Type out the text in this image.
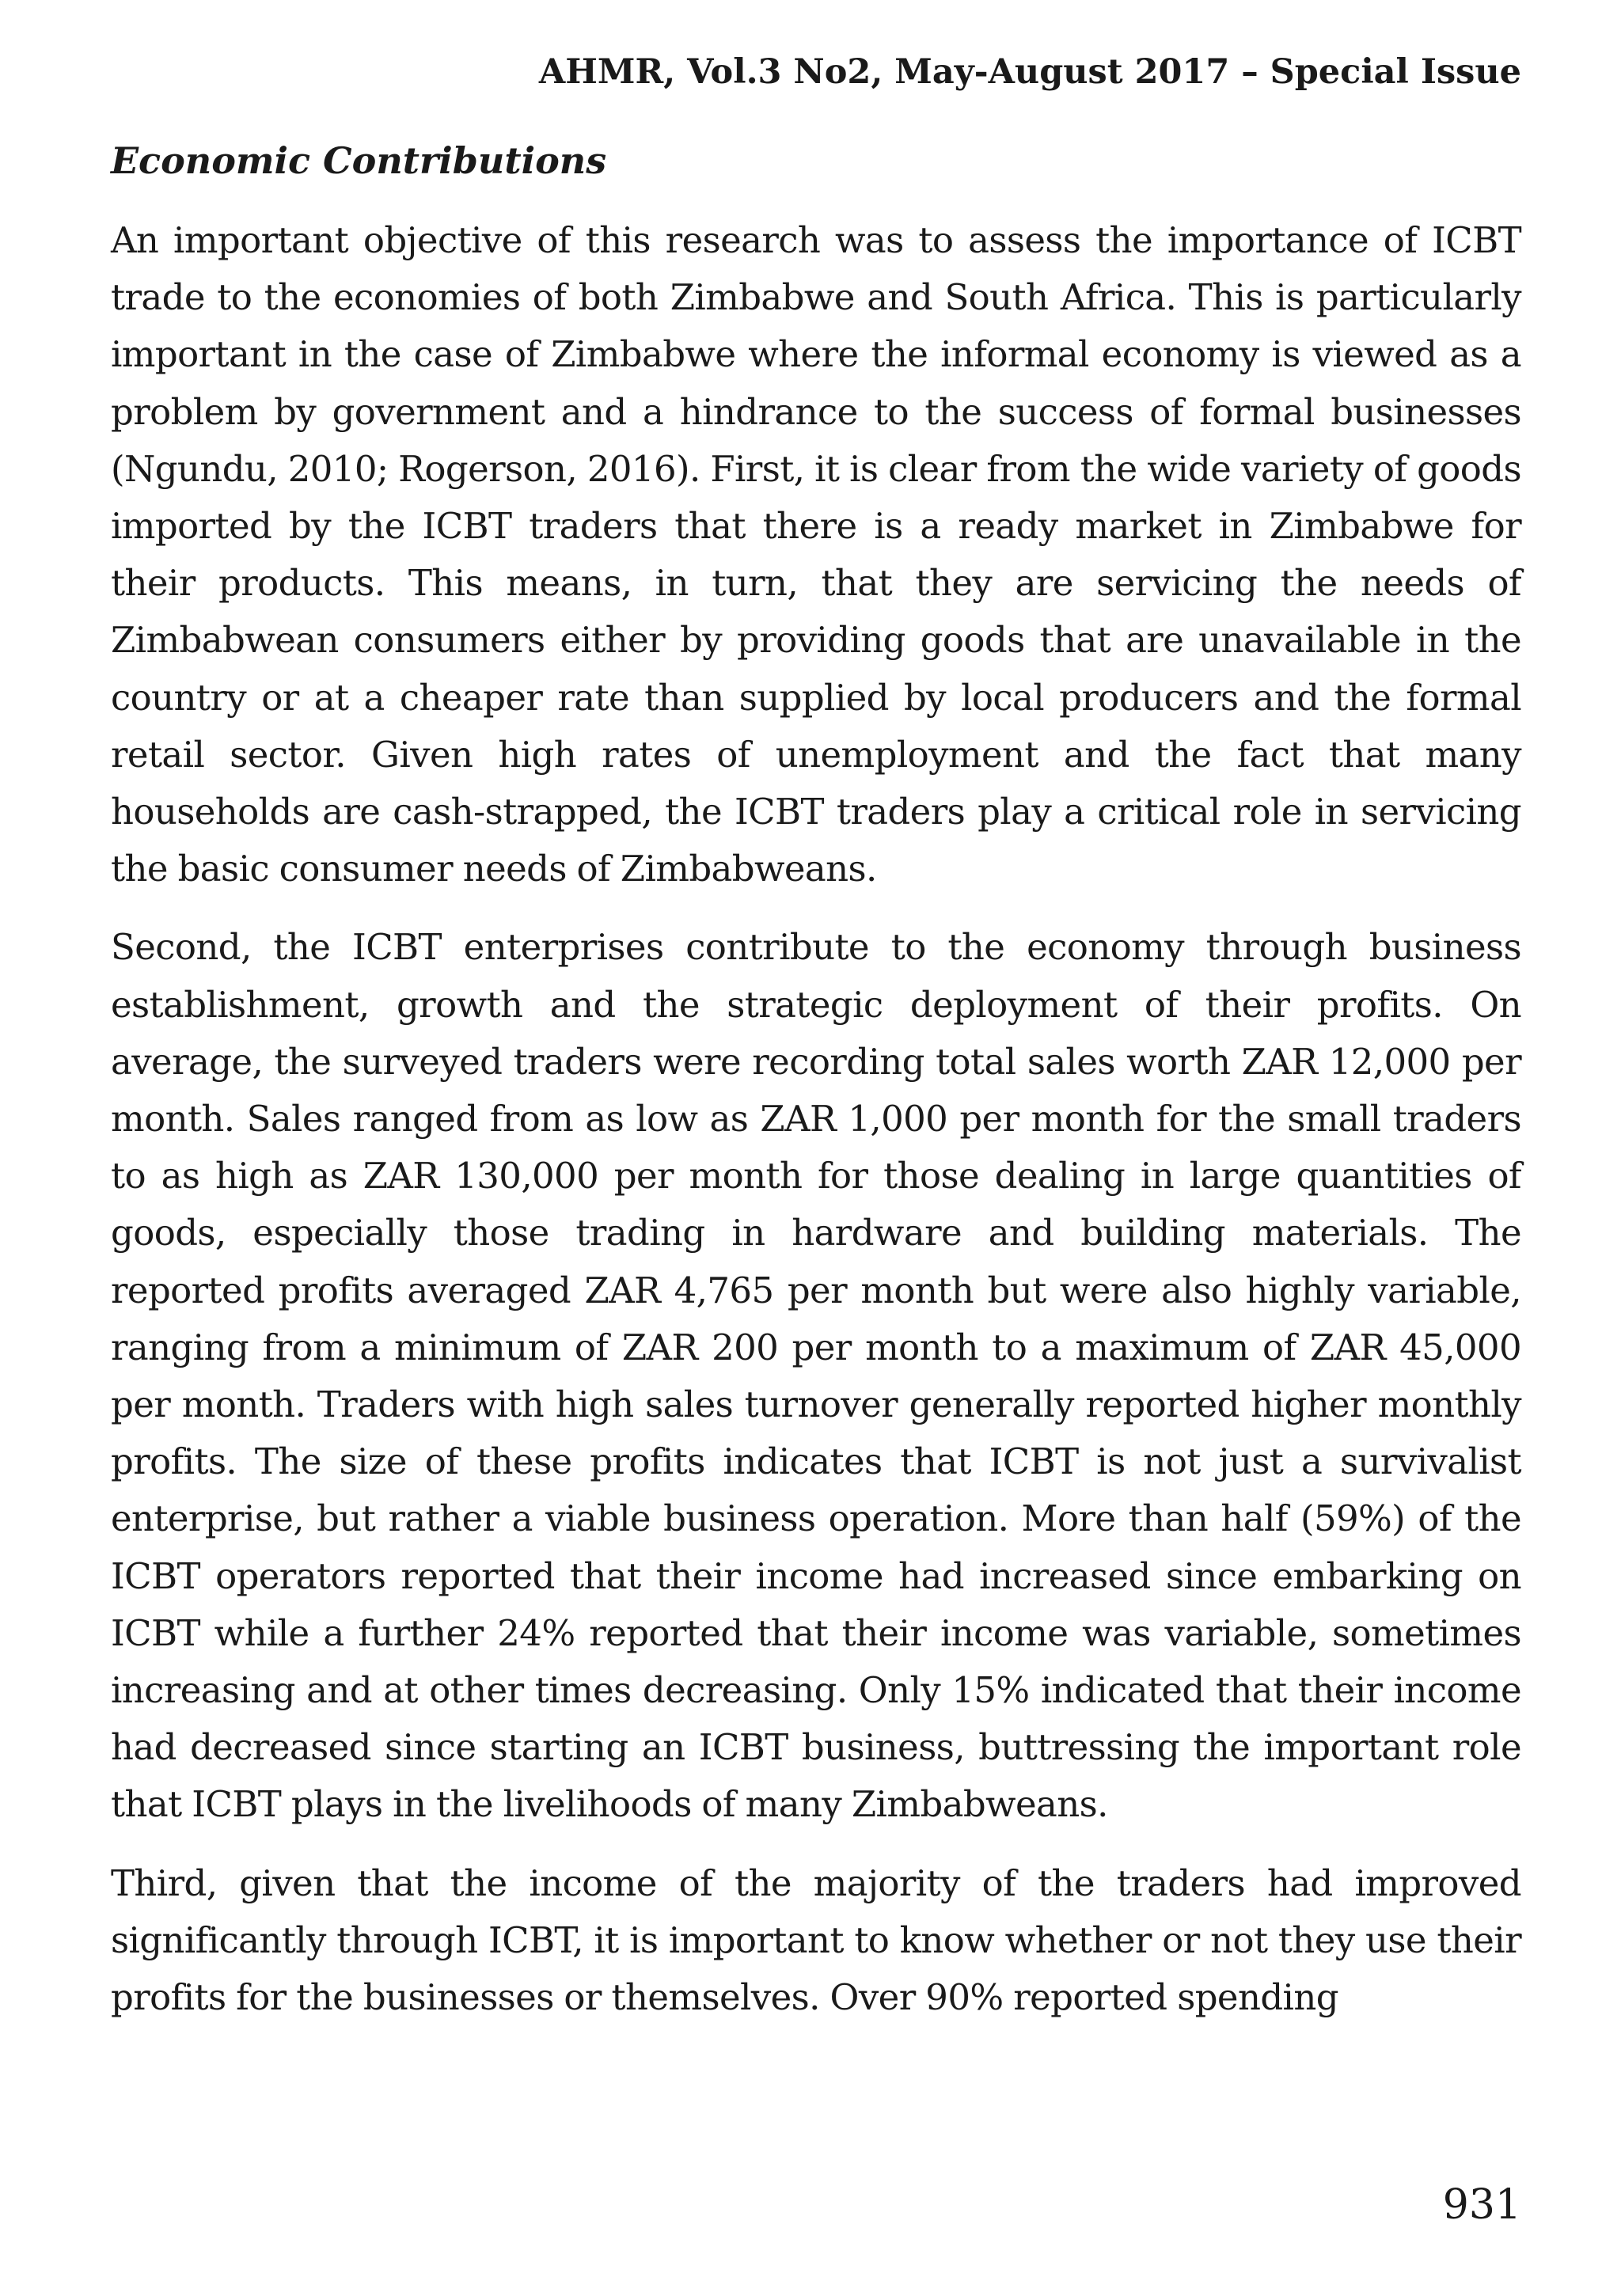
AHMR, Vol.3 No2, May-August 2017 – Special Issue
Economic Contributions

An important objective of this research was to assess the importance of ICBT trade to the economies of both Zimbabwe and South Africa. This is particularly important in the case of Zimbabwe where the informal economy is viewed as a problem by government and a hindrance to the success of formal businesses (Ngundu, 2010; Rogerson, 2016). First, it is clear from the wide variety of goods imported by the ICBT traders that there is a ready market in Zimbabwe for their products. This means, in turn, that they are servicing the needs of Zimbabwean consumers either by providing goods that are unavailable in the country or at a cheaper rate than supplied by local producers and the formal retail sector. Given high rates of unemployment and the fact that many households are cash-strapped, the ICBT traders play a critical role in servicing the basic consumer needs of Zimbabweans.

Second, the ICBT enterprises contribute to the economy through business establishment, growth and the strategic deployment of their profits. On average, the surveyed traders were recording total sales worth ZAR 12,000 per month. Sales ranged from as low as ZAR 1,000 per month for the small traders to as high as ZAR 130,000 per month for those dealing in large quantities of goods, especially those trading in hardware and building materials. The reported profits averaged ZAR 4,765 per month but were also highly variable, ranging from a minimum of ZAR 200 per month to a maximum of ZAR 45,000 per month. Traders with high sales turnover generally reported higher monthly profits. The size of these profits indicates that ICBT is not just a survivalist enterprise, but rather a viable business operation. More than half (59%) of the ICBT operators reported that their income had increased since embarking on ICBT while a further 24% reported that their income was variable, sometimes increasing and at other times decreasing. Only 15% indicated that their income had decreased since starting an ICBT business, buttressing the important role that ICBT plays in the livelihoods of many Zimbabweans.

Third, given that the income of the majority of the traders had improved significantly through ICBT, it is important to know whether or not they use their profits for the businesses or themselves. Over 90% reported spending

931
